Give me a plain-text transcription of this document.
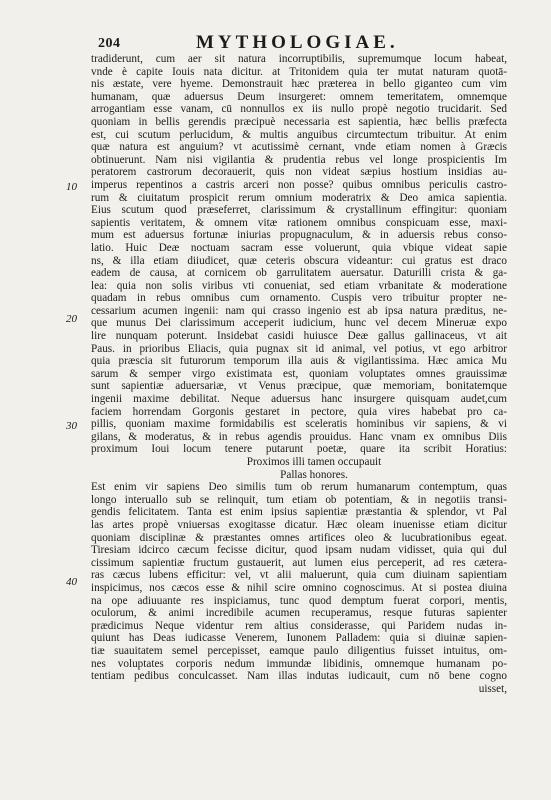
204	MYTHOLOGIAE.
10
20
30
40
tradiderunt, cum aer sit natura incorruptibilis, supremumque locum habeat,
vnde è capite Iouis nata dicitur. at Tritonidem quia ter mutat naturam quotā-
nis æstate, vere hyeme. Demonstrauit hæc præterea in bello giganteo cum vim
humanam, quæ aduersus Deum insurgeret: omnem temeritatem, omnemque
arrogantiam esse vanam, cū nonnullos ex iis nullo propè negotio trucidarit. Sed
quoniam in bellis gerendis præcipuè necessaria est sapientia, hæc bellis præfecta
est, cui scutum perlucidum, & multis anguibus circumtectum tribuitur. At enim
quæ natura est anguium? vt acutissimè cernant, vnde etiam nomen à Græcis
obtinuerunt. Nam nisi vigilantia & prudentia rebus vel longe prospicientis Im
peratorem castrorum decorauerit, quis non videat sæpius hostium insidias au-
imperus repentinos a castris arceri non posse? quibus omnibus periculis castro-
rum & ciuitatum prospicit rerum omnium moderatrix & Deo amica sapientia.
Eius scutum quod præseferret, clarissimum & crystallinum effingitur: quoniam
sapientis veritatem, & omnem vitæ rationem omnibus conspicuam esse, maxi-
mum est aduersus fortunæ iniurias propugnaculum, & in aduersis rebus conso-
latio. Huic Deæ noctuam sacram esse voluerunt, quia vbique videat sapie
ns, & illa etiam diiudicet, quæ ceteris obscura videantur: cui gratus est draco
eadem de causa, at cornicem ob garrulitatem auersatur. Daturilli crista & ga-
lea: quia non solis viribus vti conueniat, sed etiam vrbanitate & moderatione
quadam in rebus omnibus cum ornamento. Cuspis vero tribuitur propter ne-
cessarium acumen ingenii: nam qui crasso ingenio est ab ipsa natura præditus, ne-
que munus Dei clarissimum acceperit iudicium, hunc vel decem Mineruæ expo
lire nunquam poterunt. Insidebat casidi huiusce Deæ gallus gallinaceus, vt ait
Paus. in prioribus Eliacis, quia pugnax sit id animal, vel potius, vt ego arbitror
quia præscia sit futurorum temporum illa auis & vigilantissima. Hæc amica Mu
sarum & semper virgo existimata est, quoniam voluptates omnes grauissimæ
sunt sapientiæ aduersariæ, vt Venus præcipue, quæ memoriam, bonitatemque
ingenii maxime debilitat. Neque aduersus hanc insurgere quisquam audet,cum
faciem horrendam Gorgonis gestaret in pectore, quia vires habebat pro ca-
pillis, quoniam maxime formidabilis est sceleratis hominibus vir sapiens, & vi
gilans, & moderatus, & in rebus agendis prouidus. Hanc vnam ex omnibus Diis
proximum Ioui locum tenere putarunt poetæ, quare ita scribit Horatius:
Proximos illi tamen occupauit
Pallas honores.
Est enim vir sapiens Deo similis tum ob rerum humanarum contemptum, quas
longo interuallo sub se relinquit, tum etiam ob potentiam, & in negotiis transi-
gendis felicitatem. Tanta est enim ipsius sapientiæ præstantia & splendor, vt Pal
las artes propè vniuersas exogitasse dicatur. Hæc oleam inuenisse etiam dicitur
quoniam disciplinæ & præstantes omnes artifices oleo & lucubrationibus egeat.
Tiresiam idcirco cæcum fecisse dicitur, quod ipsam nudam vidisset, quia qui dul
cissimum sapientiæ fructum gustauerit, aut lumen eius perceperit, ad res cætera-
ras cæcus lubens efficitur: vel, vt alii maluerunt, quia cum diuinam sapientiam
inspicimus, nos cæcos esse & nihil scire omnino cognoscimus. At si postea diuina
na ope adiuuante res inspiciamus, tunc quod demptum fuerat corpori, mentis,
oculorum, & animi incredibile acumen recuperamus, resque futuras sapienter
prædicimus Neque videntur rem altius considerasse, qui Paridem nudas in-
quiunt has Deas iudicasse Venerem, Iunonem Palladem: quia si diuinæ sapien-
tiæ suauitatem semel percepisset, eamque paulo diligentius fuisset intuitus, om-
nes voluptates corporis nedum immundæ libidinis, omnemque humanam po-
tentiam pedibus conculcasset. Nam illas indutas iudicauit, cum nō bene cogno
uisset,
